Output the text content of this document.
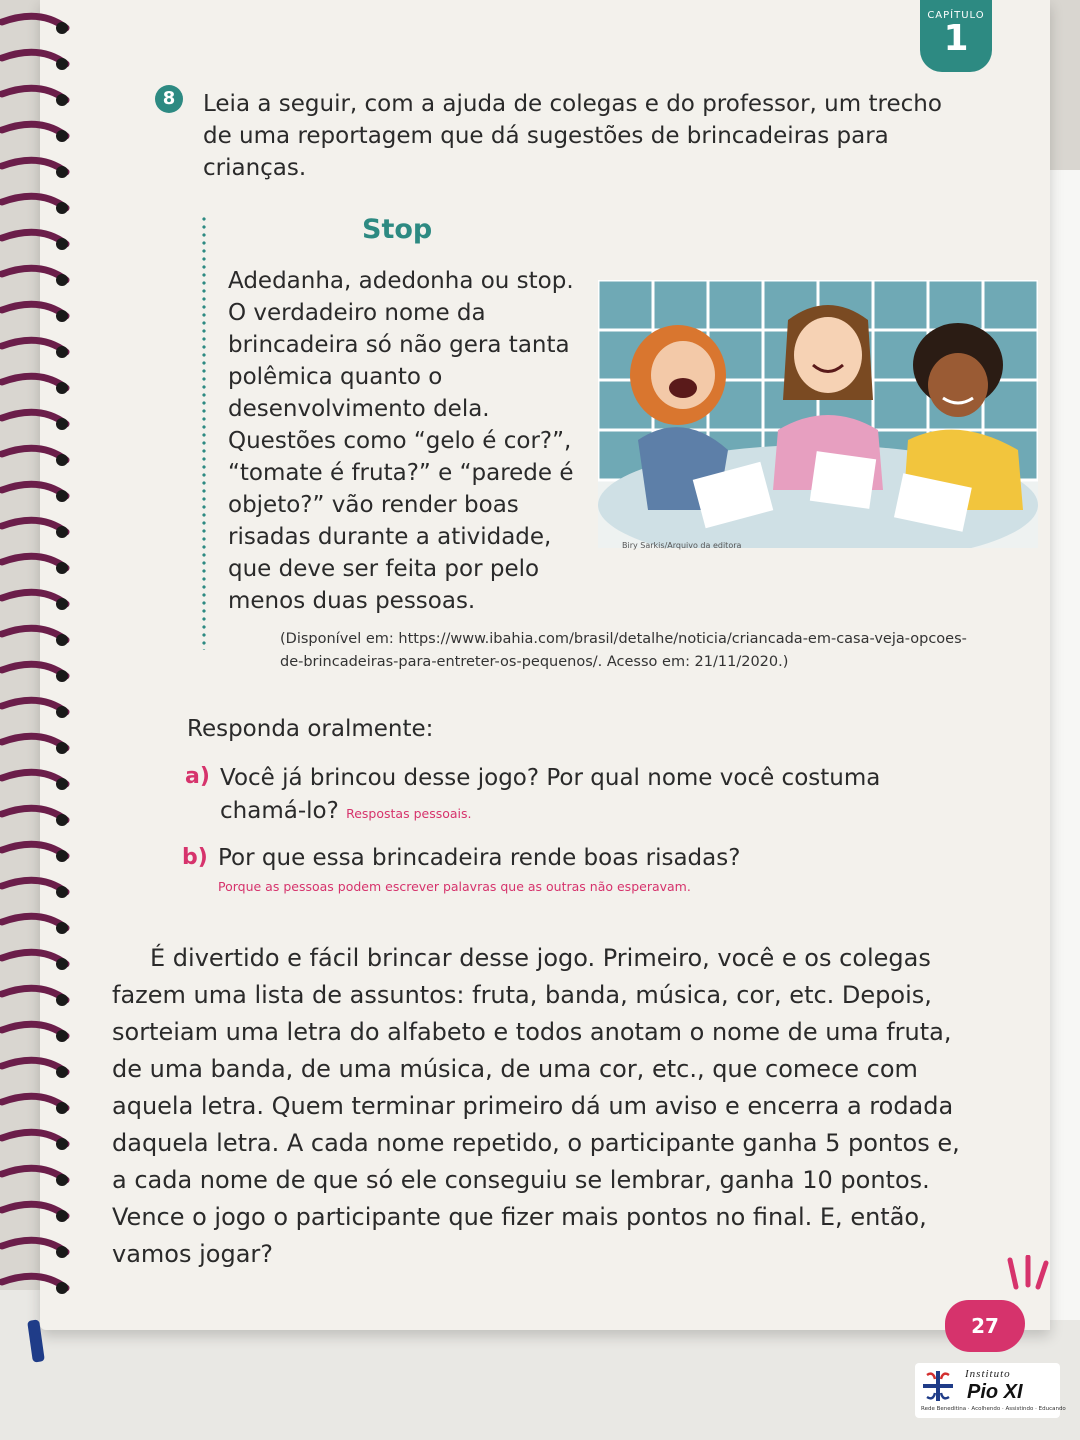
CAPÍTULO
1
8	Leia a seguir, com a ajuda de colegas e do professor, um trecho de uma reportagem que dá sugestões de brincadeiras para crianças.
Stop
Adedanha, adedonha ou stop. O verdadeiro nome da brincadeira só não gera tanta polêmica quanto o desenvolvimento dela. Questões como “gelo é cor?”, “tomate é fruta?” e “parede é objeto?” vão render boas risadas durante a atividade, que deve ser feita por pelo menos duas pessoas.
Biry Sarkis/Arquivo da editora
(Disponível em: https://www.ibahia.com/brasil/detalhe/noticia/criancada-em-casa-veja-opcoes-de-brincadeiras-para-entreter-os-pequenos/. Acesso em: 21/11/2020.)
Responda oralmente:
a) Você já brincou desse jogo? Por qual nome você costuma
chamá-lo? Respostas pessoais.
b) Por que essa brincadeira rende boas risadas?
Porque as pessoas podem escrever palavras que as outras não esperavam.
É divertido e fácil brincar desse jogo. Primeiro, você e os colegas fazem uma lista de assuntos: fruta, banda, música, cor, etc. Depois, sorteiam uma letra do alfabeto e todos anotam o nome de uma fruta, de uma banda, de uma música, de uma cor, etc., que comece com aquela letra. Quem terminar primeiro dá um aviso e encerra a rodada daquela letra. A cada nome repetido, o participante ganha 5 pontos e, a cada nome de que só ele conseguiu se lembrar, ganha 10 pontos. Vence o jogo o participante que fizer mais pontos no final. E, então, vamos jogar?
27
Instituto
Pio XI
Rede Beneditina · Acolhendo · Assistindo · Educando
